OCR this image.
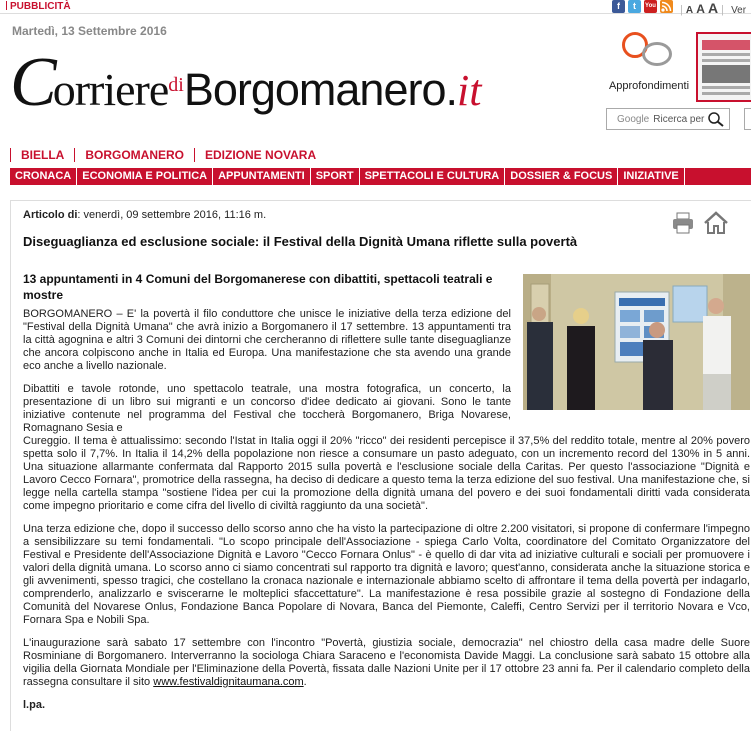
PUBBLICITÀ	f	t	You Tube
| A A A | Ver
Martedì, 13 Settembre 2016
CorrierediBorgomanero.it	Approfondimenti
Google Ricerca per
BIELLA	BORGOMANERO	EDIZIONE NOVARA
CRONACA	ECONOMIA E POLITICA	APPUNTAMENTI	SPORT	SPETTACOLI E CULTURA	DOSSIER & FOCUS	INIZIATIVE
Articolo di: venerdì, 09 settembre 2016, 11:16 m.
Diseguaglianza ed esclusione sociale: il Festival della Dignità Umana riflette sulla povertà
13 appuntamenti in 4 Comuni del Borgomanerese con dibattiti, spettacoli teatrali e mostre

BORGOMANERO – E' la povertà il filo conduttore che unisce le iniziative della terza edizione del "Festival della Dignità Umana" che avrà inizio a Borgomanero il 17 settembre. 13 appuntamenti tra la città agognina e altri 3 Comuni dei dintorni che cercheranno di riflettere sulle tante diseguaglianze che ancora colpiscono anche in Italia ed Europa. Una manifestazione che sta avendo una grande eco anche a livello nazionale.

Dibattiti e tavole rotonde, uno spettacolo teatrale, una mostra fotografica, un concerto, la presentazione di un libro sui migranti e un concorso d'idee dedicato ai giovani. Sono le tante iniziative contenute nel programma del Festival che toccherà Borgomanero, Briga Novarese, Romagnano Sesia e

Cureggio. Il tema è attualissimo: secondo l'Istat in Italia oggi il 20% "ricco" dei residenti percepisce il 37,5% del reddito totale, mentre al 20% povero spetta solo il 7,7%. In Italia il 14,2% della popolazione non riesce a consumare un pasto adeguato, con un incremento record del 130% in 5 anni. Una situazione allarmante confermata dal Rapporto 2015 sulla povertà e l'esclusione sociale della Caritas. Per questo l'associazione "Dignità e Lavoro Cecco Fornara", promotrice della rassegna, ha deciso di dedicare a questo tema la terza edizione del suo festival. Una manifestazione che, si legge nella cartella stampa "sostiene l'idea per cui la promozione della dignità umana del povero e dei suoi fondamentali diritti vada considerata come impegno prioritario e come cifra del livello di civiltà raggiunto da una società".

Una terza edizione che, dopo il successo dello scorso anno che ha visto la partecipazione di oltre 2.200 visitatori, si propone di confermare l'impegno a sensibilizzare su temi fondamentali. "Lo scopo principale dell'Associazione - spiega Carlo Volta, coordinatore del Comitato Organizzatore del Festival e Presidente dell'Associazione Dignità e Lavoro "Cecco Fornara Onlus" - è quello di dar vita ad iniziative culturali e sociali per promuovere i valori della dignità umana. Lo scorso anno ci siamo concentrati sul rapporto tra dignità e lavoro; quest'anno, considerata anche la situazione storica e gli avvenimenti, spesso tragici, che costellano la cronaca nazionale e internazionale abbiamo scelto di affrontare il tema della povertà per indagarlo, comprenderlo, analizzarlo e sviscerarne le molteplici sfaccettature". La manifestazione è resa possibile grazie al sostegno di Fondazione della Comunità del Novarese Onlus, Fondazione Banca Popolare di Novara, Banca del Piemonte, Caleffi, Centro Servizi per il territorio Novara e Vco, Fornara Spa e Nobili Spa.

L'inaugurazione sarà sabato 17 settembre con l'incontro "Povertà, giustizia sociale, democrazia" nel chiostro della casa madre delle Suore Rosminiane di Borgomanero. Interverranno la sociologa Chiara Saraceno e l'economista Davide Maggi. La conclusione sarà sabato 15 ottobre alla vigilia della Giornata Mondiale per l'Eliminazione della Povertà, fissata dalle Nazioni Unite per il 17 ottobre 23 anni fa. Per il calendario completo della rassegna consultare il sito www.festivaldignitaumana.com.

l.pa.
